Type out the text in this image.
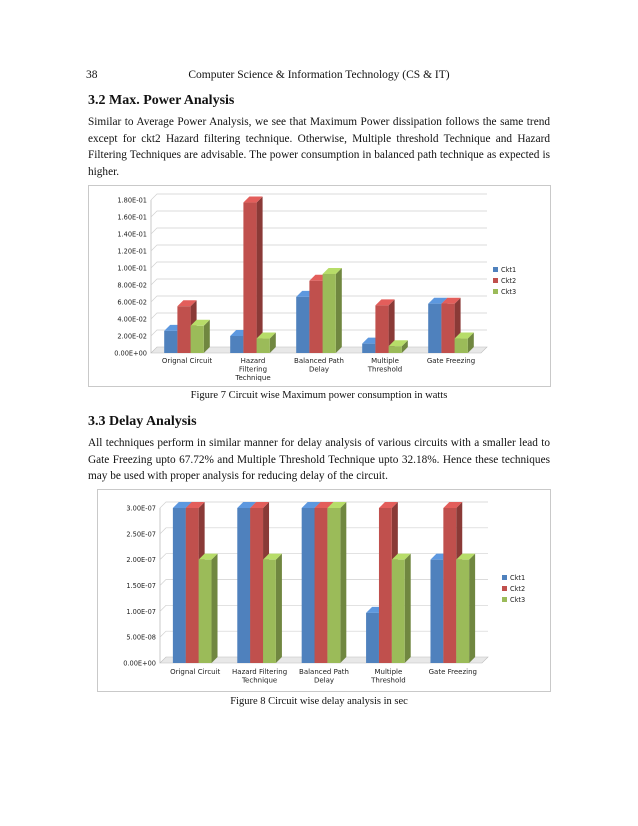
38	Computer Science & Information Technology (CS & IT)
3.2 Max. Power Analysis

Similar to Average Power Analysis, we see that Maximum Power dissipation follows the same trend except for ckt2 Hazard filtering technique. Otherwise, Multiple threshold Technique and Hazard Filtering Techniques are advisable. The power consumption in balanced path technique as expected is higher.

0.00E+00
2.00E-02
4.00E-02
6.00E-02
8.00E-02
1.00E-01
1.20E-01
1.40E-01
1.60E-01
1.80E-01
Orignal Circuit	Hazard Filtering Technique
Balanced Path Delay
Multiple Threshold
Gate Freezing
Ckt1
Ckt2
Ckt3
Figure 7 Circuit wise Maximum power consumption in watts
3.3 Delay Analysis

All techniques perform in similar manner for delay analysis of various circuits with a smaller lead to Gate Freezing upto 67.72% and Multiple Threshold Technique upto 32.18%. Hence these techniques may be used with proper analysis for reducing delay of the circuit.

0.00E+00
5.00E-08
1.00E-07
1.50E-07
2.00E-07
2.50E-07
3.00E-07
Orignal Circuit Hazard Filtering Technique
Balanced Path Delay
Multiple Threshold
Gate Freezing
Ckt1
Ckt2
Ckt3
Figure 8 Circuit wise delay analysis in sec
